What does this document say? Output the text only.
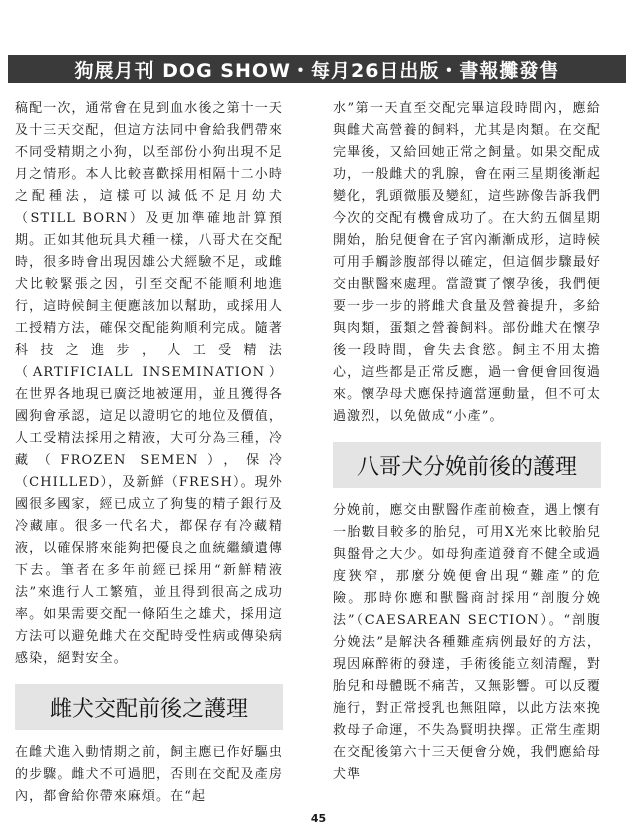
狗展月刊 DOG SHOW・每月26日出版・書報攤發售

稿配一次，通常會在見到血水後之第十一天及十三天交配，但這方法同中會給我們帶來不同受精期之小狗，以至部份小狗出現不足月之情形。本人比較喜歡採用相隔十二小時之配種法，這樣可以減低不足月幼犬（STILL BORN）及更加準確地計算預期。正如其他玩具犬種一樣，八哥犬在交配時，很多時會出現因雄公犬經驗不足，或雌犬比較緊張之因，引至交配不能順利地進行，這時候飼主便應該加以幫助，或採用人工授精方法，確保交配能夠順利完成。隨著科技之進步，人工受精法（ARTIFICIALL INSEMINATION）在世界各地現已廣泛地被運用，並且獲得各國狗會承認，這足以證明它的地位及價值，人工受精法採用之精液，大可分為三種，冷藏（FROZEN SEMEN），保冷（CHILLED），及新鮮（FRESH）。現外國很多國家，經已成立了狗隻的精子銀行及冷藏庫。很多一代名犬，都保存有冷藏精液，以確保將來能夠把優良之血統繼續遺傳下去。筆者在多年前經已採用“新鮮精液法”來進行人工繁殖，並且得到很高之成功率。如果需要交配一條陌生之雄犬，採用這方法可以避免雌犬在交配時受性病或傳染病感染，絕對安全。

雌犬交配前後之護理

在雌犬進入動情期之前，飼主應已作好驅虫的步驟。雌犬不可過肥，否則在交配及產房內，都會給你帶來麻煩。在“起

水”第一天直至交配完畢這段時間內，應給與雌犬高營養的飼料，尤其是肉類。在交配完畢後，又給回她正常之飼量。如果交配成功，一般雌犬的乳腺，會在兩三星期後漸起變化，乳頭微脹及變紅，這些跡像告訴我們今次的交配有機會成功了。在大約五個星期開始，胎兒便會在子宮內漸漸成形，這時候可用手觸診腹部得以確定，但這個步驟最好交由獸醫來處理。當證實了懷孕後，我們便要一步一步的將雌犬食量及營養提升，多給與肉類，蛋類之營養飼料。部份雌犬在懷孕後一段時間，會失去食慾。飼主不用太擔心，這些都是正常反應，過一會便會回復過來。懷孕母犬應保持適當運動量，但不可太過激烈，以免做成“小產”。

八哥犬分娩前後的護理

分娩前，應交由獸醫作產前檢查，遇上懷有一胎數目較多的胎兒，可用X光來比較胎兒與盤骨之大少。如母狗產道發育不健全或過度狹窄，那麼分娩便會出現“難產”的危險。那時你應和獸醫商討採用“剖腹分娩法”（CAESAREAN SECTION）。“剖腹分娩法”是解決各種難產病例最好的方法，現因麻醉術的發達，手術後能立刻清醒，對胎兒和母體既不痛苦，又無影響。可以反覆施行，對正常授乳也無阻障，以此方法來挽救母子命運，不失為賢明抉擇。正常生產期在交配後第六十三天便會分娩，我們應給母犬準

45
